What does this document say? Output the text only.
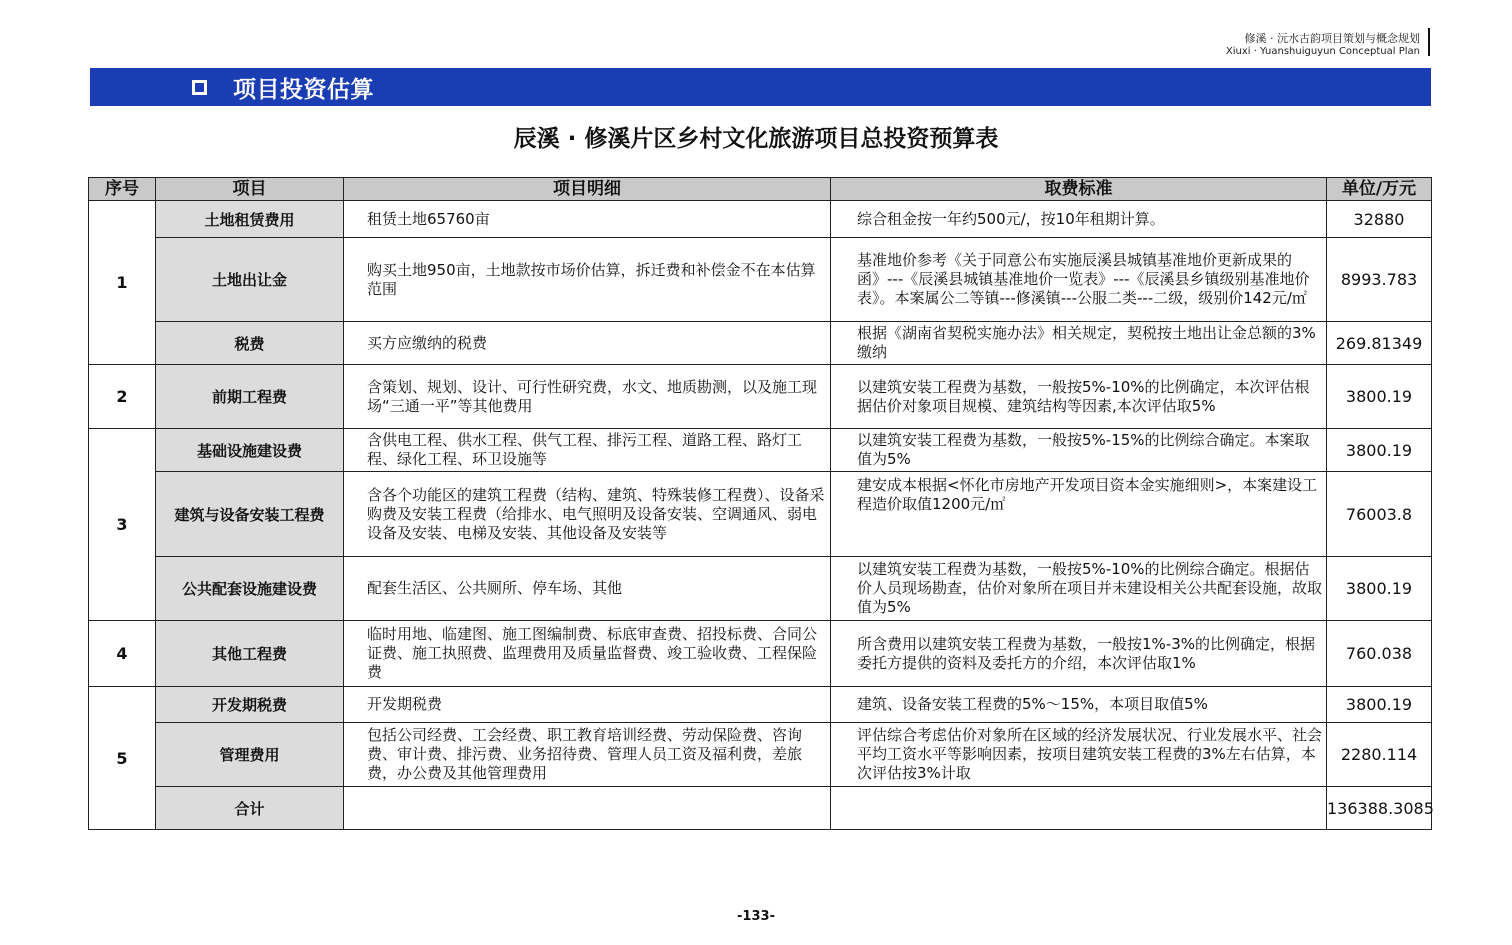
修溪 · 沅水古韵项目策划与概念规划
Xiuxi · Yuanshuiguyun Conceptual Plan
项目投资估算
辰溪 · 修溪片区乡村文化旅游项目总投资预算表
序号	项目	项目明细	取费标准	单位/万元
1	土地租赁费用	租赁土地65760亩	综合租金按一年约500元/，按10年租期计算。	32880
	土地出让金	购买土地950亩，土地款按市场价估算，拆迁费和补偿金不在本估算范围	基准地价参考《关于同意公布实施辰溪县城镇基准地价更新成果的函》---《辰溪县城镇基准地价一览表》---《辰溪县乡镇级别基准地价表》。本案属公二等镇---修溪镇---公服二类---二级，级别价142元/㎡	8993.783
	税费	买方应缴纳的税费	根据《湖南省契税实施办法》相关规定，契税按土地出让金总额的3%缴纳	269.81349
2	前期工程费	含策划、规划、设计、可行性研究费，水文、地质勘测，以及施工现场“三通一平”等其他费用	以建筑安装工程费为基数，一般按5%-10%的比例确定，本次评估根据估价对象项目规模、建筑结构等因素,本次评估取5%	3800.19
3	基础设施建设费	含供电工程、供水工程、供气工程、排污工程、道路工程、路灯工程、绿化工程、环卫设施等	以建筑安装工程费为基数，一般按5%-15%的比例综合确定。本案取值为5%	3800.19
	建筑与设备安装工程费	含各个功能区的建筑工程费（结构、建筑、特殊装修工程费）、设备采购费及安装工程费（给排水、电气照明及设备安装、空调通风、弱电设备及安装、电梯及安装、其他设备及安装等	建安成本根据<怀化市房地产开发项目资本金实施细则>，本案建设工程造价取值1200元/㎡	76003.8
	公共配套设施建设费	配套生活区、公共厕所、停车场、其他	以建筑安装工程费为基数，一般按5%-10%的比例综合确定。根据估价人员现场勘查，估价对象所在项目并未建设相关公共配套设施，故取值为5%	3800.19
4	其他工程费	临时用地、临建图、施工图编制费、标底审查费、招投标费、合同公证费、施工执照费、监理费用及质量监督费、竣工验收费、工程保险费	所含费用以建筑安装工程费为基数，一般按1%-3%的比例确定，根据委托方提供的资料及委托方的介绍，本次评估取1%	760.038
5	开发期税费	开发期税费	建筑、设备安装工程费的5%～15%，本项目取值5%	3800.19
	管理费用	包括公司经费、工会经费、职工教育培训经费、劳动保险费、咨询费、审计费、排污费、业务招待费、管理人员工资及福利费，差旅费，办公费及其他管理费用	评估综合考虑估价对象所在区域的经济发展状况、行业发展水平、社会平均工资水平等影响因素，按项目建筑安装工程费的3%左右估算，本次评估按3%计取	2280.114
	合计			136388.3085
-133-
